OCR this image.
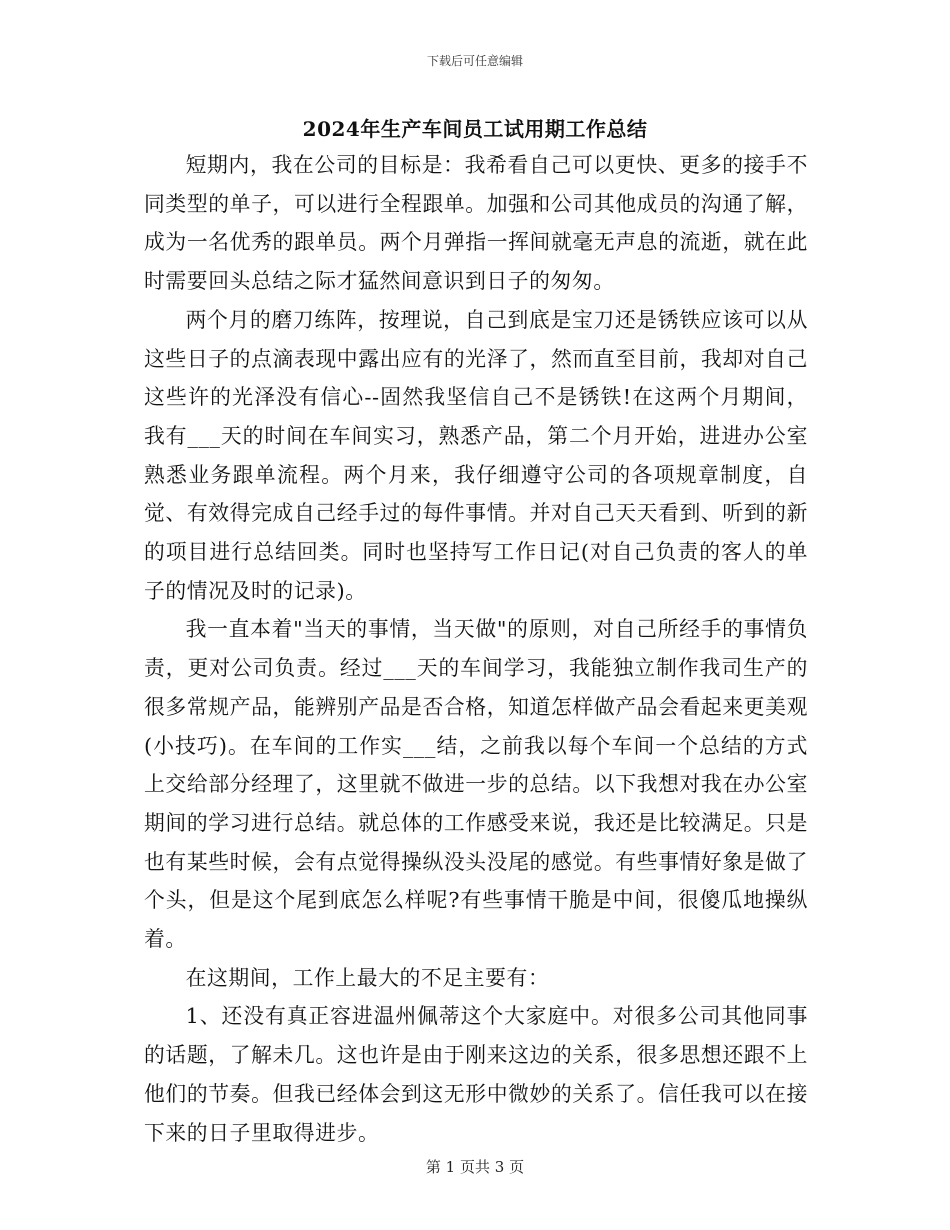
下载后可任意编辑
2024年生产车间员工试用期工作总结

短期内，我在公司的目标是：我希看自己可以更快、更多的接手不同类型的单子，可以进行全程跟单。加强和公司其他成员的沟通了解，成为一名优秀的跟单员。两个月弹指一挥间就毫无声息的流逝，就在此时需要回头总结之际才猛然间意识到日子的匆匆。

两个月的磨刀练阵，按理说，自己到底是宝刀还是锈铁应该可以从这些日子的点滴表现中露出应有的光泽了，然而直至目前，我却对自己这些许的光泽没有信心--固然我坚信自己不是锈铁!在这两个月期间，我有___天的时间在车间实习，熟悉产品，第二个月开始，进进办公室熟悉业务跟单流程。两个月来，我仔细遵守公司的各项规章制度，自觉、有效得完成自己经手过的每件事情。并对自己天天看到、听到的新的项目进行总结回类。同时也坚持写工作日记(对自己负责的客人的单子的情况及时的记录)。

我一直本着"当天的事情，当天做"的原则，对自己所经手的事情负责，更对公司负责。经过___天的车间学习，我能独立制作我司生产的很多常规产品，能辨别产品是否合格，知道怎样做产品会看起来更美观(小技巧)。在车间的工作实___结，之前我以每个车间一个总结的方式上交给部分经理了，这里就不做进一步的总结。以下我想对我在办公室期间的学习进行总结。就总体的工作感受来说，我还是比较满足。只是也有某些时候，会有点觉得操纵没头没尾的感觉。有些事情好象是做了个头，但是这个尾到底怎么样呢?有些事情干脆是中间，很傻瓜地操纵着。

在这期间，工作上最大的不足主要有：

1、还没有真正容进温州佩蒂这个大家庭中。对很多公司其他同事的话题，了解未几。这也许是由于刚来这边的关系，很多思想还跟不上他们的节奏。但我已经体会到这无形中微妙的关系了。信任我可以在接下来的日子里取得进步。

第 1 页共 3 页
